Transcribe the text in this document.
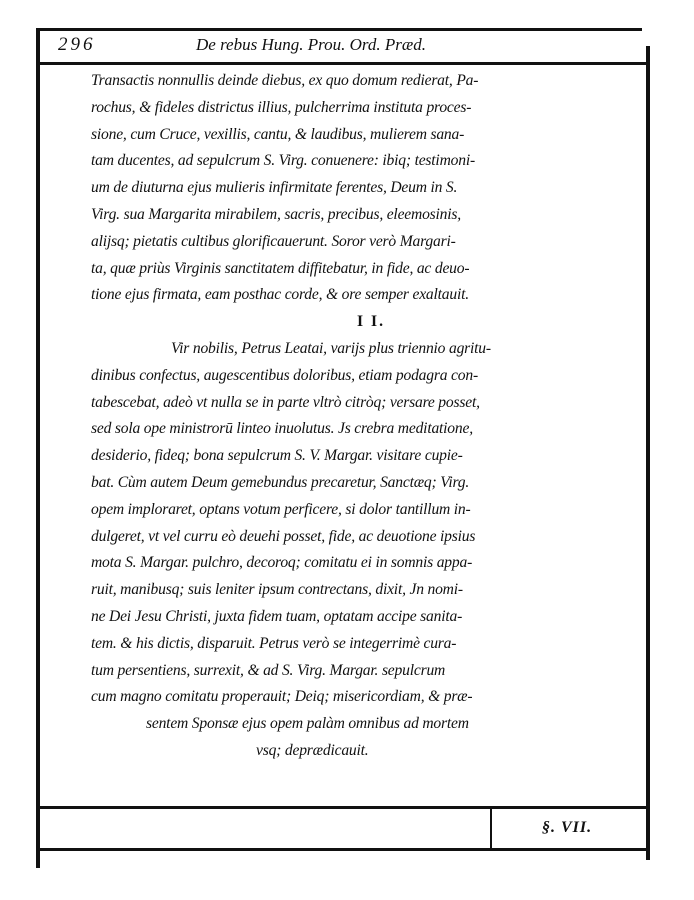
296	De rebus Hung. Prou. Ord. Præd.
Transactis nonnullis deinde diebus, ex quo domum redierat, Pa-
rochus, & fideles districtus illius, pulcherrima instituta proces-
sione, cum Cruce, vexillis, cantu, & laudibus, mulierem sana-
tam ducentes, ad sepulcrum S. Virg. conuenere: ibiq; testimoni-
um de diuturna ejus mulieris infirmitate ferentes, Deum in S.
Virg. sua Margarita mirabilem, sacris, precibus, eleemosinis,
alijsq; pietatis cultibus glorificauerunt. Soror verò Margari-
ta, quæ priùs Virginis sanctitatem diffitebatur, in fide, ac deuo-
tione ejus firmata, eam posthac corde, & ore semper exaltauit.
I I.
Vir nobilis, Petrus Leatai, varijs plus triennio agritu-
dinibus confectus, augescentibus doloribus, etiam podagra con-
tabescebat, adeò vt nulla se in parte vltrò citròq; versare posset,
sed sola ope ministrorū linteo inuolutus. Js crebra meditatione,
desiderio, fideq; bona sepulcrum S. V. Margar. visitare cupie-
bat. Cùm autem Deum gemebundus precaretur, Sanctæq; Virg.
opem imploraret, optans votum perficere, si dolor tantillum in-
dulgeret, vt vel curru eò deuehi posset, fide, ac deuotione ipsius
mota S. Margar. pulchro, decoroq; comitatu ei in somnis appa-
ruit, manibusq; suis leniter ipsum contrectans, dixit, Jn nomi-
ne Dei Jesu Christi, juxta fidem tuam, optatam accipe sanita-
tem. & his dictis, disparuit. Petrus verò se integerrimè cura-
tum persentiens, surrexit, & ad S. Virg. Margar. sepulcrum
cum magno comitatu properauit; Deiq; misericordiam, & præ-
sentem Sponsæ ejus opem palàm omnibus ad mortem
vsq; deprædicauit.
§. VII.
